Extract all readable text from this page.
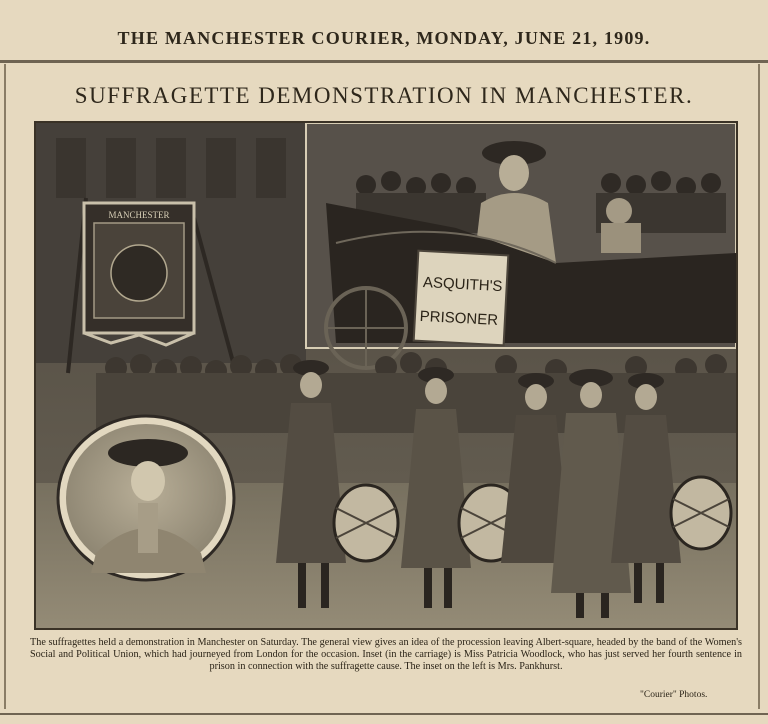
THE MANCHESTER COURIER, MONDAY, JUNE 21, 1909.
SUFFRAGETTE DEMONSTRATION IN MANCHESTER.
MANCHESTER
ASQUITH'S
PRISONER
The suffragettes held a demonstration in Manchester on Saturday. The general view gives an idea of the procession leaving Albert-square, headed by the band of the Women's Social and Political Union, which had journeyed from London for the occasion. Inset (in the carriage) is Miss Patricia Woodlock, who has just served her fourth sentence in prison in connection with the suffragette cause. The inset on the left is Mrs. Pankhurst.
"Courier" Photos.
